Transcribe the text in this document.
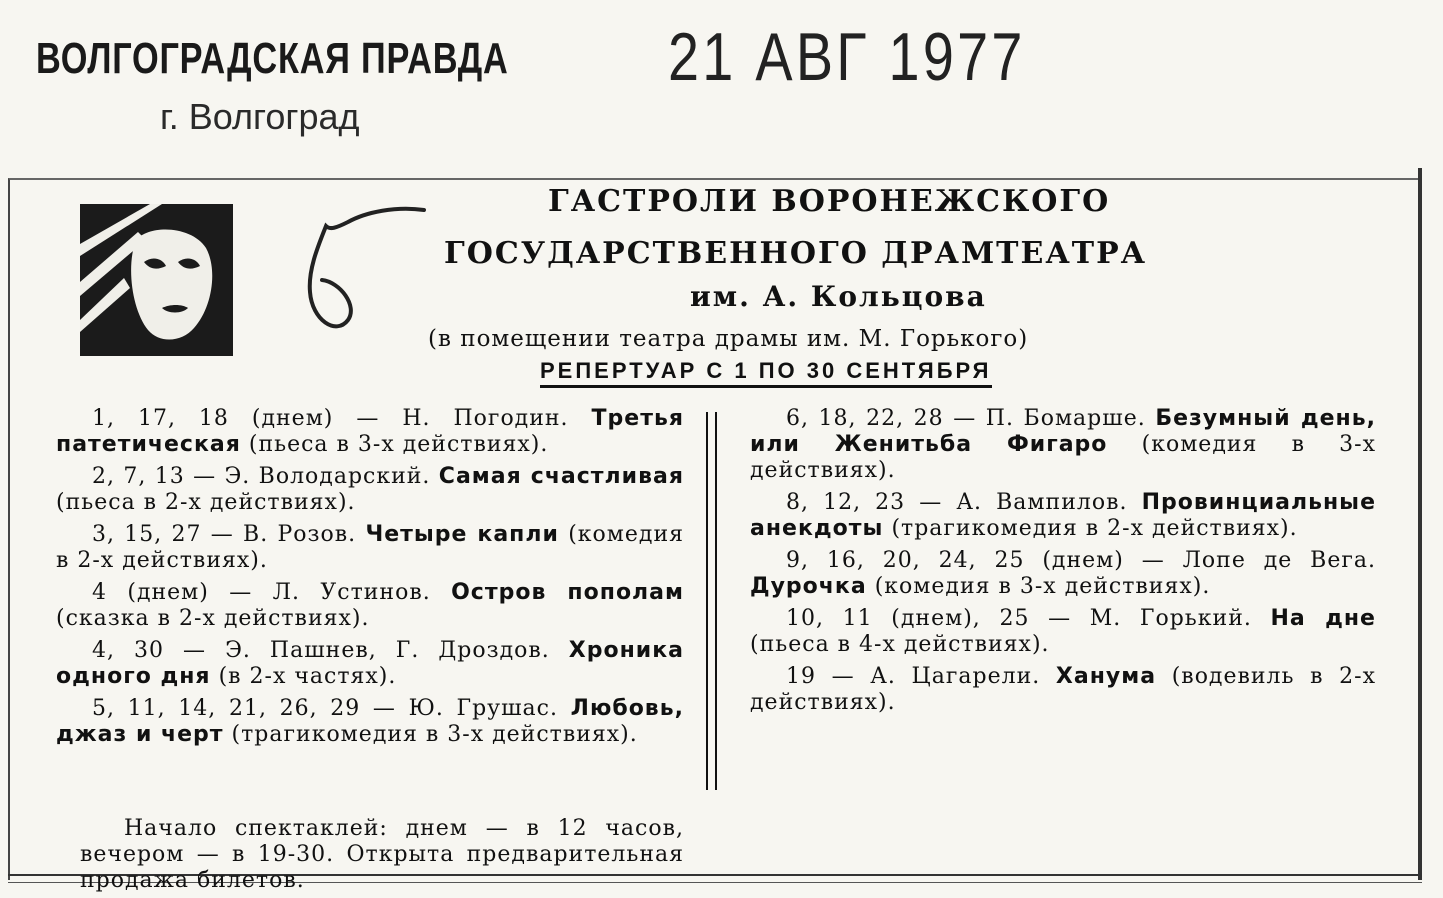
ВОЛГОГРАДСКАЯ ПРАВДА
г. Волгоград
21 АВГ 1977
ГАСТРОЛИ ВОРОНЕЖСКОГО
ГОСУДАРСТВЕННОГО ДРАМТЕАТРА
им. А. Кольцова
(в помещении театра драмы им. М. Горького)
РЕПЕРТУАР С 1 ПО 30 СЕНТЯБРЯ

1, 17, 18 (днем) — Н. Погодин. Третья патетическая (пьеса в 3-х действиях).

2, 7, 13 — Э. Володарский. Самая счастливая (пьеса в 2-х действиях).

3, 15, 27 — В. Розов. Четыре капли (комедия в 2-х действиях).

4 (днем) — Л. Устинов. Остров пополам (сказка в 2-х действиях).

4, 30 — Э. Пашнев, Г. Дроздов. Хроника одного дня (в 2-х частях).

5, 11, 14, 21, 26, 29 — Ю. Грушас. Любовь, джаз и черт (трагикомедия в 3-х действиях).

6, 18, 22, 28 — П. Бомарше. Безумный день, или Женитьба Фигаро (комедия в 3-х действиях).

8, 12, 23 — А. Вампилов. Провинциальные анекдоты (трагикомедия в 2-х действиях).

9, 16, 20, 24, 25 (днем) — Лопе де Вега. Дурочка (комедия в 3-х действиях).

10, 11 (днем), 25 — М. Горький. На дне (пьеса в 4-х действиях).

19 — А. Цагарели. Ханума (водевиль в 2-х действиях).

Начало спектаклей: днем — в 12 часов, вечером — в 19-30. Открыта предварительная продажа билетов.
